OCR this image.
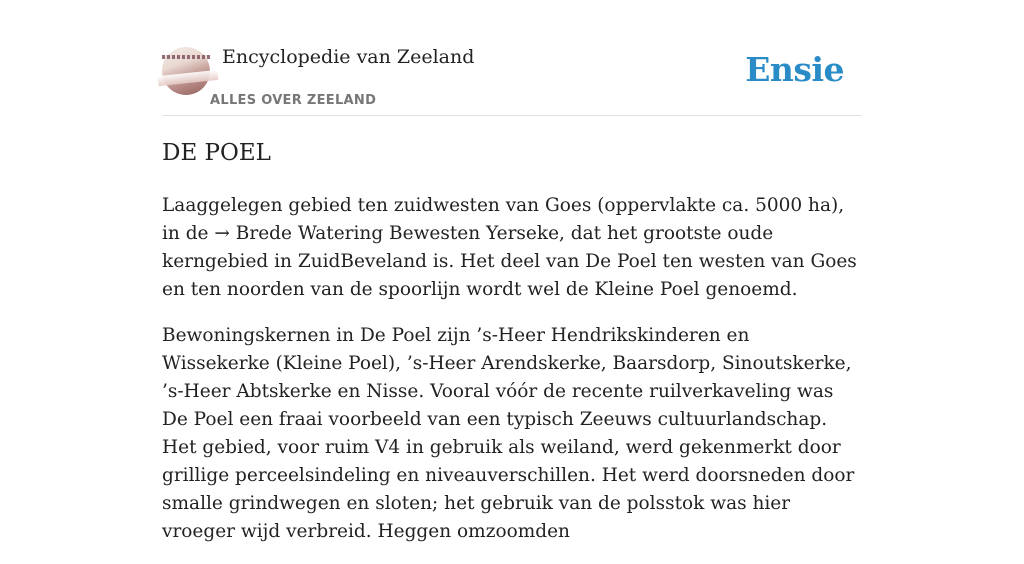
Encyclopedie van Zeeland
ALLES OVER ZEELAND
Ensie
DE POEL

Laaggelegen gebied ten zuidwesten van Goes (oppervlakte ca. 5000 ha), in de → Brede Watering Bewesten Yerseke, dat het grootste oude kerngebied in ZuidBeveland is. Het deel van De Poel ten westen van Goes en ten noorden van de spoorlijn wordt wel de Kleine Poel genoemd.

Bewoningskernen in De Poel zijn ’s-Heer Hendrikskinderen en Wissekerke (Kleine Poel), ’s-Heer Arendskerke, Baarsdorp, Sinoutskerke, ’s-Heer Abtskerke en Nisse. Vooral vóór de recente ruilverkaveling was De Poel een fraai voorbeeld van een typisch Zeeuws cultuurlandschap. Het gebied, voor ruim V4 in gebruik als weiland, werd gekenmerkt door grillige perceelsindeling en niveauverschillen. Het werd doorsneden door smalle grindwegen en sloten; het gebruik van de polsstok was hier vroeger wijd verbreid. Heggen omzoomden
